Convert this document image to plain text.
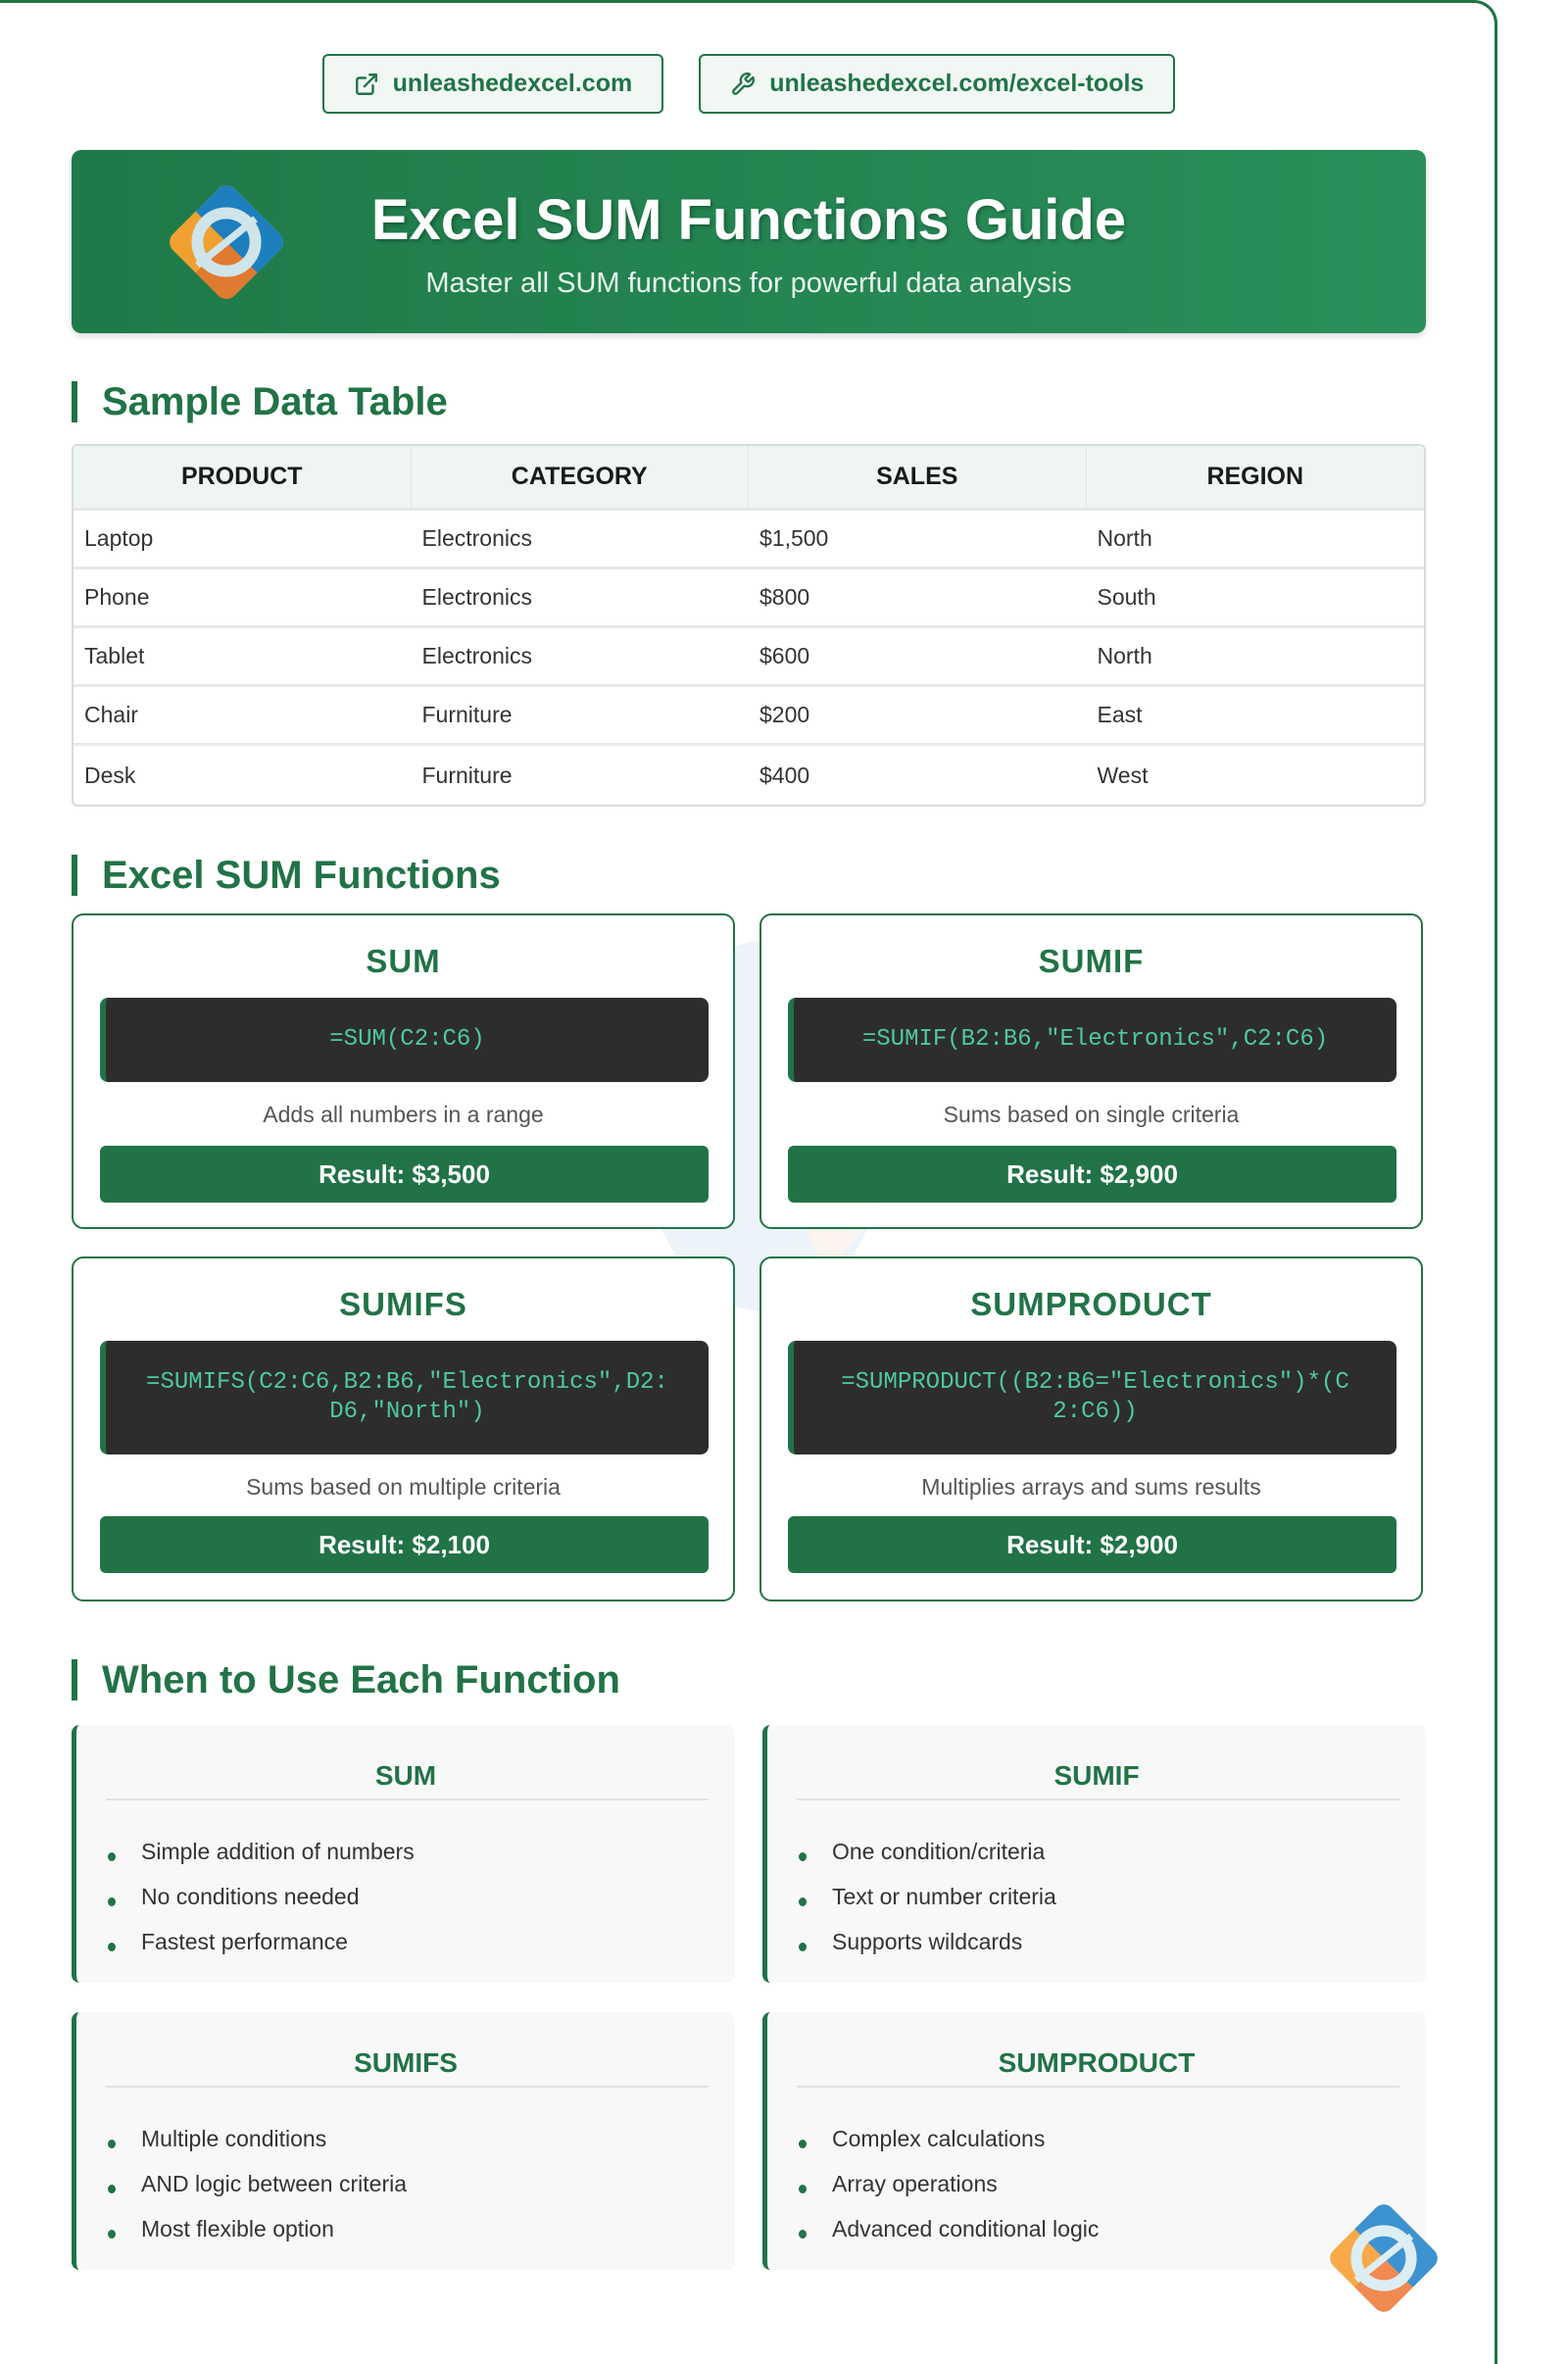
unleashedexcel.com	unleashedexcel.com/excel-tools
Excel SUM Functions Guide
Master all SUM functions for powerful data analysis
Sample Data Table
PRODUCT	CATEGORY	SALES	REGION
Laptop	Electronics	$1,500	North
Phone	Electronics	$800	South
Tablet	Electronics	$600	North
Chair	Furniture	$200	East
Desk	Furniture	$400	West
Excel SUM Functions
SUM
=SUM(C2:C6)
Adds all numbers in a range
Result: $3,500
SUMIF
=SUMIF(B2:B6,"Electronics",C2:C6)
Sums based on single criteria
Result: $2,900
SUMIFS
=SUMIFS(C2:C6,B2:B6,"Electronics",D2:D6,"North")
Sums based on multiple criteria
Result: $2,100
SUMPRODUCT
=SUMPRODUCT((B2:B6="Electronics")*(C2:C6))
Multiplies arrays and sums results
Result: $2,900
When to Use Each Function
SUM
Simple addition of numbers
No conditions needed
Fastest performance
SUMIF
One condition/criteria
Text or number criteria
Supports wildcards
SUMIFS
Multiple conditions
AND logic between criteria
Most flexible option
SUMPRODUCT
Complex calculations
Array operations
Advanced conditional logic
